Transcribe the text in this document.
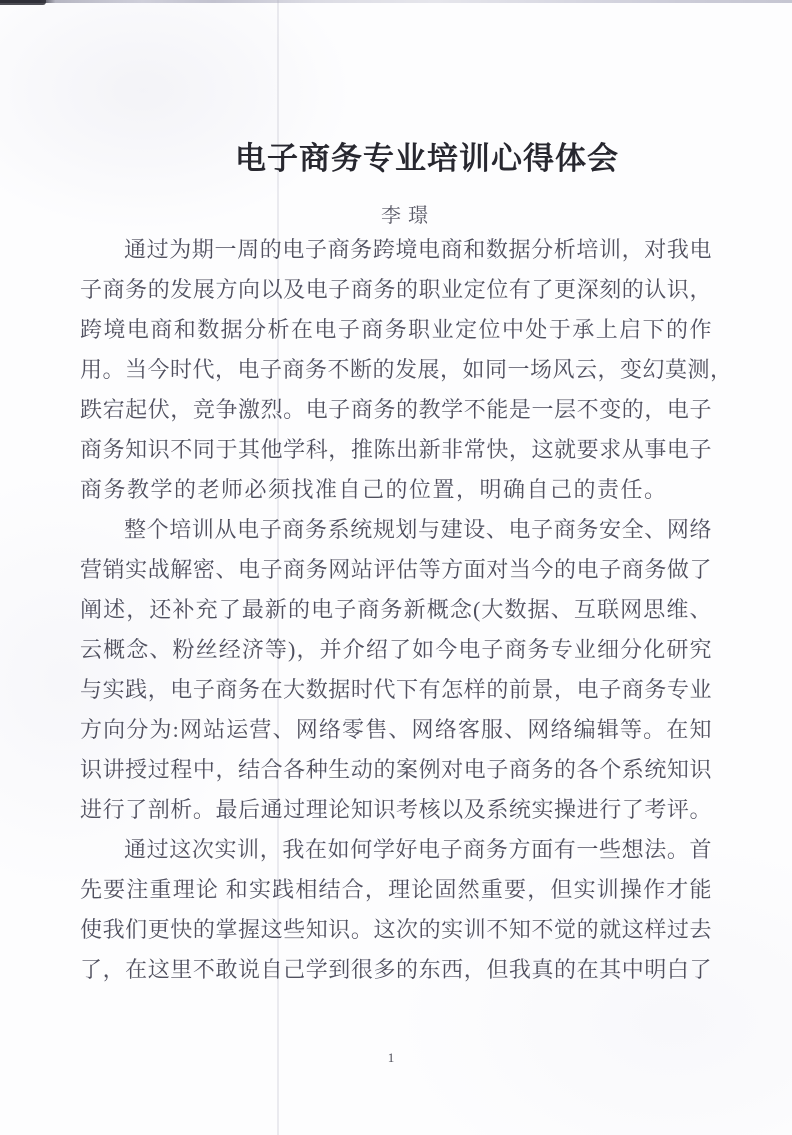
电子商务专业培训心得体会
李璟
通过为期一周的电子商务跨境电商和数据分析培训，对我电
子商务的发展方向以及电子商务的职业定位有了更深刻的认识，
跨境电商和数据分析在电子商务职业定位中处于承上启下的作
用。当今时代，电子商务不断的发展，如同一场风云，变幻莫测，
跌宕起伏，竞争激烈。电子商务的教学不能是一层不变的，电子
商务知识不同于其他学科，推陈出新非常快，这就要求从事电子
商务教学的老师必须找准自己的位置，明确自己的责任。
整个培训从电子商务系统规划与建设、电子商务安全、网络
营销实战解密、电子商务网站评估等方面对当今的电子商务做了
阐述，还补充了最新的电子商务新概念(大数据、互联网思维、
云概念、粉丝经济等)，并介绍了如今电子商务专业细分化研究
与实践，电子商务在大数据时代下有怎样的前景，电子商务专业
方向分为:网站运营、网络零售、网络客服、网络编辑等。在知
识讲授过程中，结合各种生动的案例对电子商务的各个系统知识
进行了剖析。最后通过理论知识考核以及系统实操进行了考评。
通过这次实训，我在如何学好电子商务方面有一些想法。首
先要注重理论 和实践相结合，理论固然重要，但实训操作才能
使我们更快的掌握这些知识。这次的实训不知不觉的就这样过去
了，在这里不敢说自己学到很多的东西，但我真的在其中明白了
1
